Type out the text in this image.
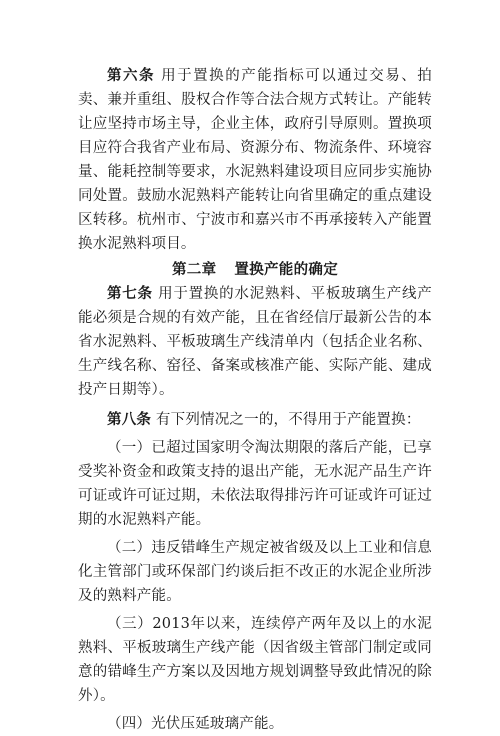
第六条 用于置换的产能指标可以通过交易、拍卖、兼并重组、股权合作等合法合规方式转让。产能转让应坚持市场主导，企业主体，政府引导原则。置换项目应符合我省产业布局、资源分布、物流条件、环境容量、能耗控制等要求，水泥熟料建设项目应同步实施协同处置。鼓励水泥熟料产能转让向省里确定的重点建设区转移。杭州市、宁波市和嘉兴市不再承接转入产能置换水泥熟料项目。

第二章 置换产能的确定

第七条 用于置换的水泥熟料、平板玻璃生产线产能必须是合规的有效产能，且在省经信厅最新公告的本省水泥熟料、平板玻璃生产线清单内（包括企业名称、生产线名称、窑径、备案或核准产能、实际产能、建成投产日期等）。

第八条 有下列情况之一的，不得用于产能置换：

（一）已超过国家明令淘汰期限的落后产能，已享受奖补资金和政策支持的退出产能，无水泥产品生产许可证或许可证过期，未依法取得排污许可证或许可证过期的水泥熟料产能。

（二）违反错峰生产规定被省级及以上工业和信息化主管部门或环保部门约谈后拒不改正的水泥企业所涉及的熟料产能。

（三）2013年以来，连续停产两年及以上的水泥熟料、平板玻璃生产线产能（因省级主管部门制定或同意的错峰生产方案以及因地方规划调整导致此情况的除外）。

（四）光伏压延玻璃产能。
